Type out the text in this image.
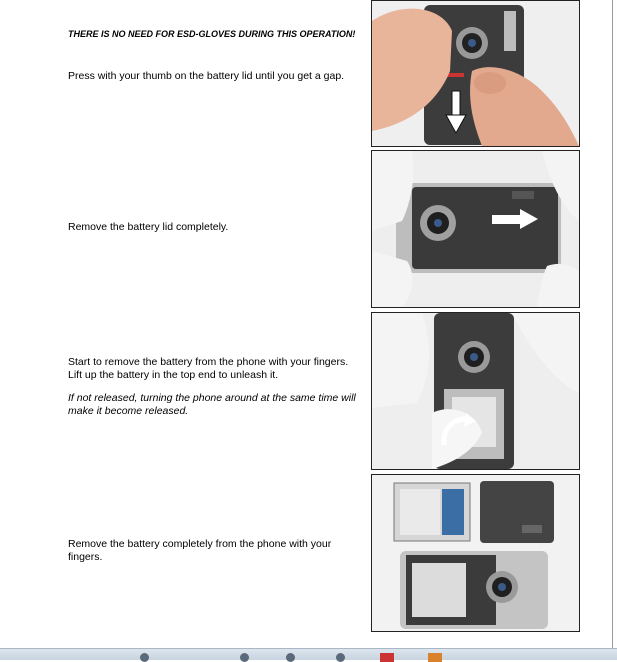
THERE IS NO NEED FOR ESD-GLOVES DURING THIS OPERATION!

Press with your thumb on the battery lid until you get a gap.

Remove the battery lid completely.

Start to remove the battery from the phone with your fingers. Lift up the battery in the top end to unleash it.

If not released, turning the phone around at the same time will make it become released.

Remove the battery completely from the phone with your fingers.
